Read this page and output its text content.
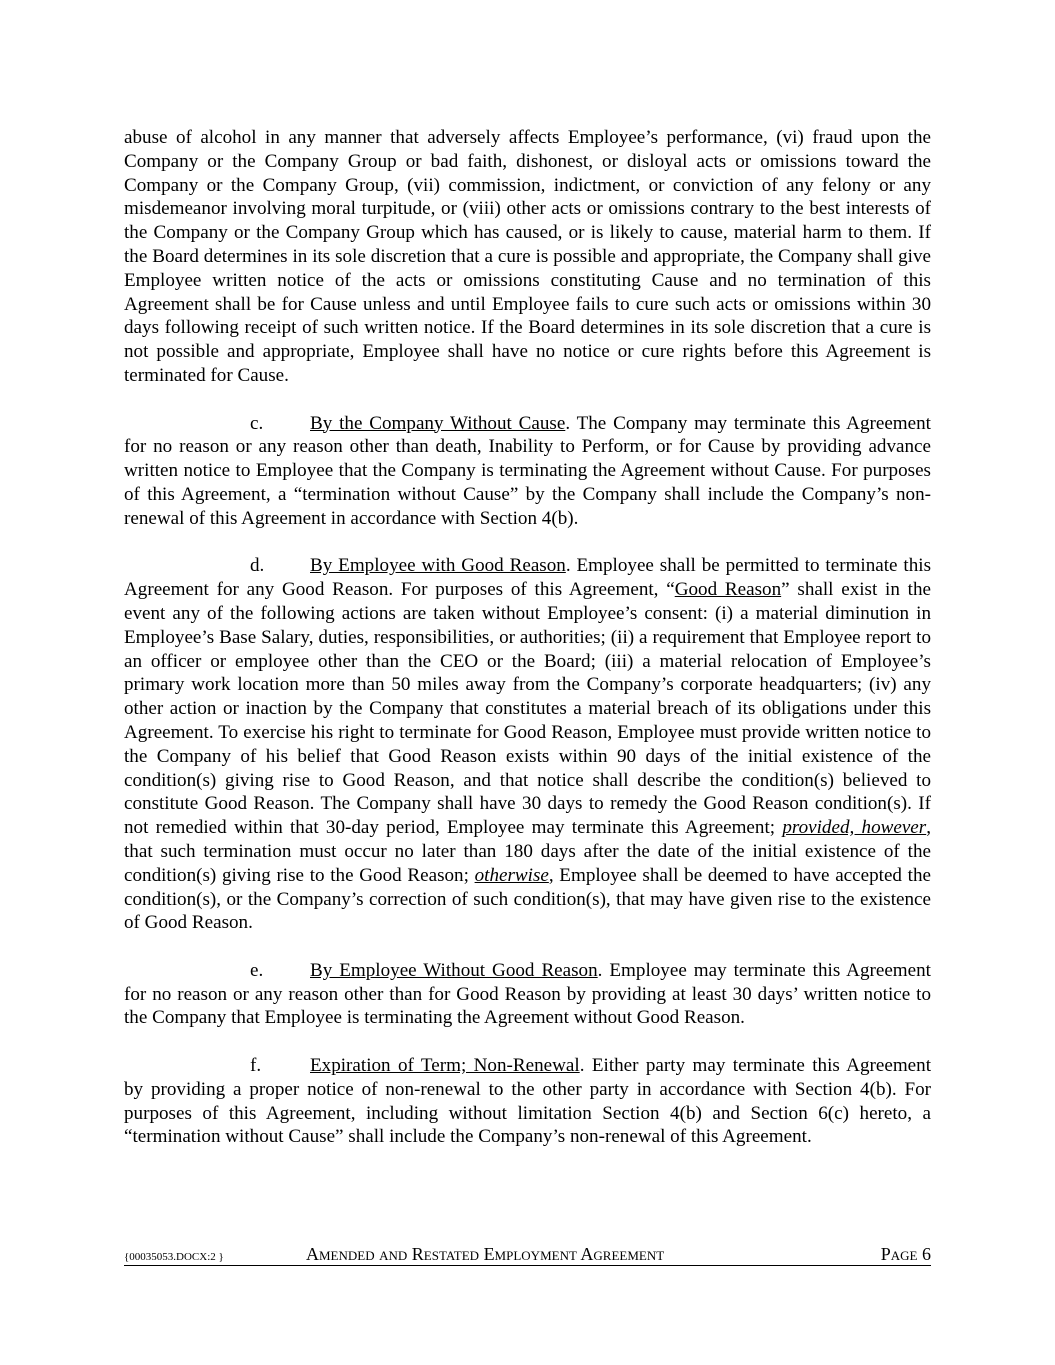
abuse of alcohol in any manner that adversely affects Employee’s performance, (vi) fraud upon the Company or the Company Group or bad faith, dishonest, or disloyal acts or omissions toward the Company or the Company Group, (vii) commission, indictment, or conviction of any felony or any misdemeanor involving moral turpitude, or (viii) other acts or omissions contrary to the best interests of the Company or the Company Group which has caused, or is likely to cause, material harm to them. If the Board determines in its sole discretion that a cure is possible and appropriate, the Company shall give Employee written notice of the acts or omissions constituting Cause and no termination of this Agreement shall be for Cause unless and until Employee fails to cure such acts or omissions within 30 days following receipt of such written notice. If the Board determines in its sole discretion that a cure is not possible and appropriate, Employee shall have no notice or cure rights before this Agreement is terminated for Cause.

c. By the Company Without Cause. The Company may terminate this Agreement for no reason or any reason other than death, Inability to Perform, or for Cause by providing advance written notice to Employee that the Company is terminating the Agreement without Cause. For purposes of this Agreement, a “termination without Cause” by the Company shall include the Company’s non-renewal of this Agreement in accordance with Section 4(b).

d. By Employee with Good Reason. Employee shall be permitted to terminate this Agreement for any Good Reason. For purposes of this Agreement, “Good Reason” shall exist in the event any of the following actions are taken without Employee’s consent: (i) a material diminution in Employee’s Base Salary, duties, responsibilities, or authorities; (ii) a requirement that Employee report to an officer or employee other than the CEO or the Board; (iii) a material relocation of Employee’s primary work location more than 50 miles away from the Company’s corporate headquarters; (iv) any other action or inaction by the Company that constitutes a material breach of its obligations under this Agreement. To exercise his right to terminate for Good Reason, Employee must provide written notice to the Company of his belief that Good Reason exists within 90 days of the initial existence of the condition(s) giving rise to Good Reason, and that notice shall describe the condition(s) believed to constitute Good Reason. The Company shall have 30 days to remedy the Good Reason condition(s). If not remedied within that 30-day period, Employee may terminate this Agreement; provided, however, that such termination must occur no later than 180 days after the date of the initial existence of the condition(s) giving rise to the Good Reason; otherwise, Employee shall be deemed to have accepted the condition(s), or the Company’s correction of such condition(s), that may have given rise to the existence of Good Reason.

e. By Employee Without Good Reason. Employee may terminate this Agreement for no reason or any reason other than for Good Reason by providing at least 30 days’ written notice to the Company that Employee is terminating the Agreement without Good Reason.

f.	Expiration of Term; Non-Renewal. Either party may terminate this Agreement by providing a proper notice of non-renewal to the other party in accordance with Section 4(b). For purposes of this Agreement, including without limitation Section 4(b) and Section 6(c) hereto, a “termination without Cause” shall include the Company’s non-renewal of this Agreement.

{00035053.DOCX:2 }	Amended and Restated Employment Agreement	Page 6
